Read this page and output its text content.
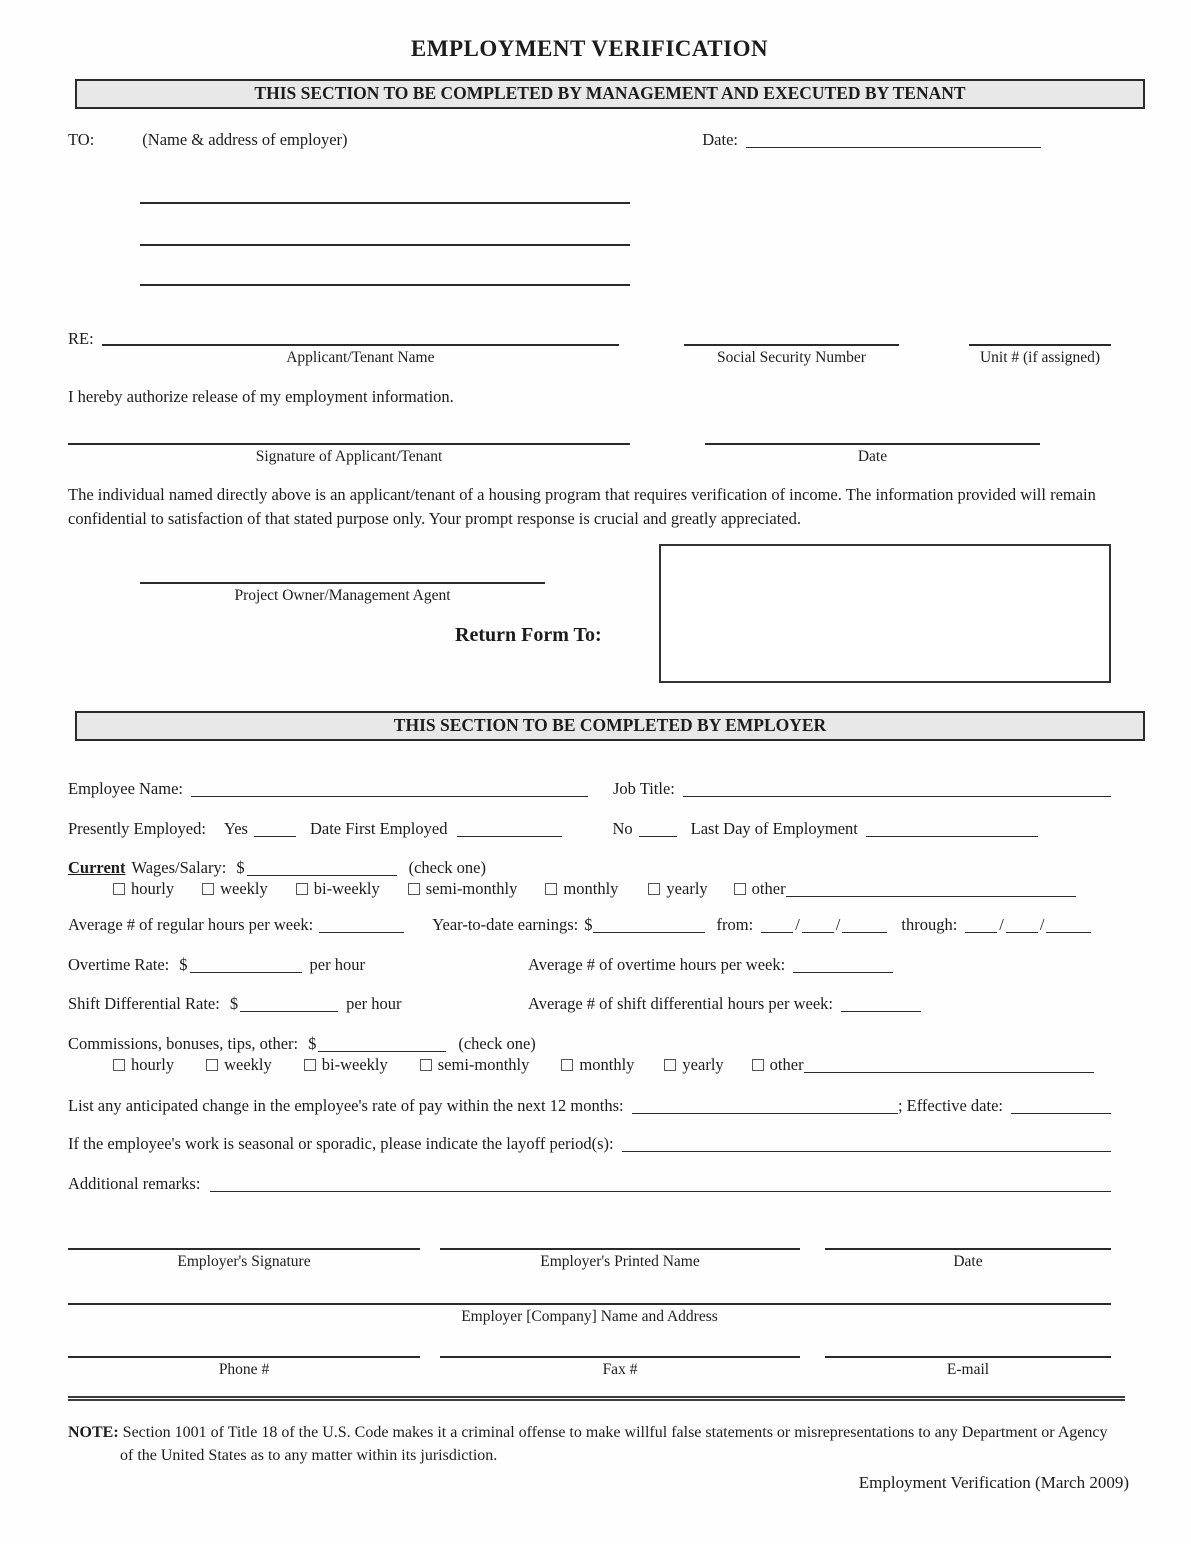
EMPLOYMENT VERIFICATION
THIS SECTION TO BE COMPLETED BY MANAGEMENT AND EXECUTED BY TENANT
TO:	(Name & address of employer)	Date:
RE:
Applicant/Tenant Name	Social Security Number	Unit # (if assigned)

I hereby authorize release of my employment information.

Signature of Applicant/Tenant	Date

The individual named directly above is an applicant/tenant of a housing program that requires verification of income. The information provided will remain confidential to satisfaction of that stated purpose only. Your prompt response is crucial and greatly appreciated.

Project Owner/Management Agent
Return Form To:
THIS SECTION TO BE COMPLETED BY EMPLOYER
Employee Name:	Job Title:
Presently Employed: Yes	Date First Employed	No	Last Day of Employment
Current Wages/Salary: $	(check one)
hourly	weekly	bi-weekly	semi-monthly	monthly	yearly	other
Average # of regular hours per week:	Year-to-date earnings: $	from:	/ /	through:	/ /
Overtime Rate: $	per hour	Average # of overtime hours per week:
Shift Differential Rate: $	per hour	Average # of shift differential hours per week:
Commissions, bonuses, tips, other: $	(check one)
hourly	weekly	bi-weekly	semi-monthly	monthly	yearly	other
List any anticipated change in the employee's rate of pay within the next 12 months:	; Effective date:
If the employee's work is seasonal or sporadic, please indicate the layoff period(s):
Additional remarks:
Employer's Signature	Employer's Printed Name	Date
Employer [Company] Name and Address
Phone #	Fax #	E-mail

NOTE: Section 1001 of Title 18 of the U.S. Code makes it a criminal offense to make willful false statements or misrepresentations to any Department or Agency of the United States as to any matter within its jurisdiction.

Employment Verification (March 2009)
